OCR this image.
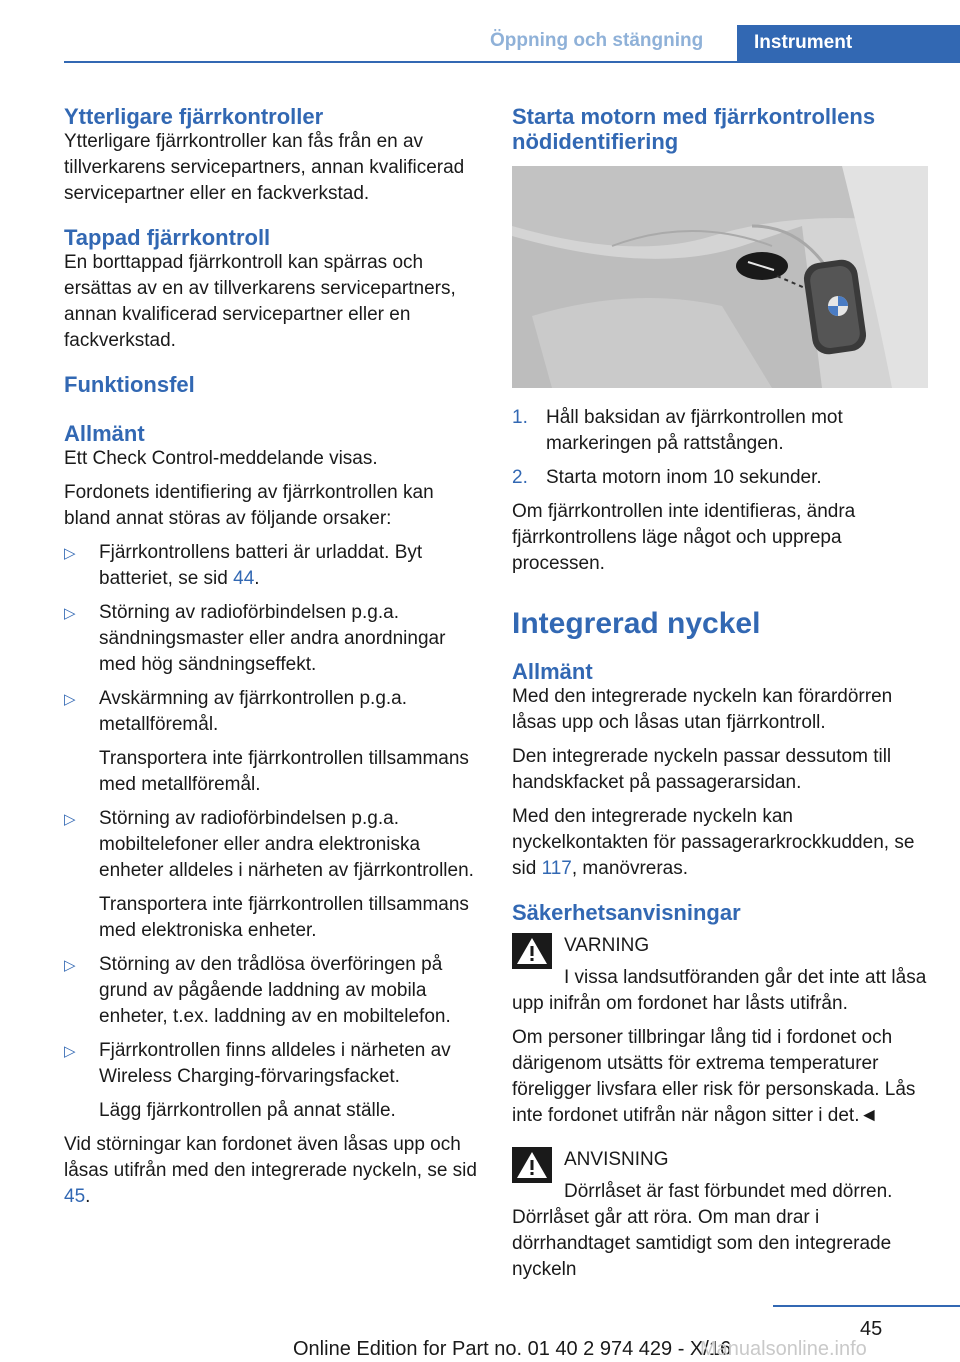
Öppning och stängning	Instrument
Ytterligare fjärrkontroller

Ytterligare fjärrkontroller kan fås från en av tillverkarens servicepartners, annan kvalificerad servicepartner eller en fackverkstad.

Tappad fjärrkontroll

En borttappad fjärrkontroll kan spärras och ersättas av en av tillverkarens servicepartners, annan kvalificerad servicepartner eller en fackverkstad.

Funktionsfel
Allmänt

Ett Check Control-meddelande visas.

Fordonets identifiering av fjärrkontrollen kan bland annat störas av följande orsaker:

▷ Fjärrkontrollens batteri är urladdat. Byt batteriet, se sid 44.
▷ Störning av radioförbindelsen p.g.a. sändningsmaster eller andra anordningar med hög sändningseffekt.
▷ Avskärmning av fjärrkontrollen p.g.a. metallföremål.
Transportera inte fjärrkontrollen tillsammans med metallföremål.
▷ Störning av radioförbindelsen p.g.a. mobiltelefoner eller andra elektroniska enheter alldeles i närheten av fjärrkontrollen.
Transportera inte fjärrkontrollen tillsammans med elektroniska enheter.
▷ Störning av den trådlösa överföringen på grund av pågående laddning av mobila enheter, t.ex. laddning av en mobiltelefon.
▷ Fjärrkontrollen finns alldeles i närheten av Wireless Charging-förvaringsfacket.
Lägg fjärrkontrollen på annat ställe.

Vid störningar kan fordonet även låsas upp och låsas utifrån med den integrerade nyckeln, se sid 45.

Starta motorn med fjärrkontrollens nödidentifiering
1. Håll baksidan av fjärrkontrollen mot markeringen på rattstången.
2. Starta motorn inom 10 sekunder.

Om fjärrkontrollen inte identifieras, ändra fjärrkontrollens läge något och upprepa processen.

Integrerad nyckel
Allmänt

Med den integrerade nyckeln kan förardörren låsas upp och låsas utan fjärrkontroll.

Den integrerade nyckeln passar dessutom till handskfacket på passagerarsidan.

Med den integrerade nyckeln kan nyckelkontakten för passagerarkrockkudden, se sid 117, manövreras.

Säkerhetsanvisningar
VARNING

I vissa landsutföranden går det inte att låsa upp inifrån om fordonet har låsts utifrån.

Om personer tillbringar lång tid i fordonet och därigenom utsätts för extrema temperaturer föreligger livsfara eller risk för personskada. Lås inte fordonet utifrån när någon sitter i det.◄

ANVISNING

Dörrlåset är fast förbundet med dörren. Dörrlåset går att röra. Om man drar i dörrhandtaget samtidigt som den integrerade nyckeln

45
Online Edition for Part no. 01 40 2 974 429 - X/16
Manualsonline.info
